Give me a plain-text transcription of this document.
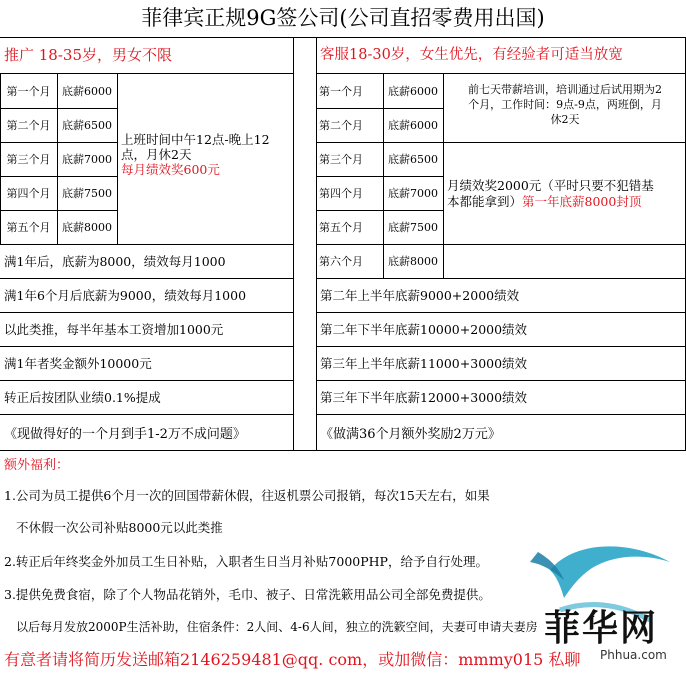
菲律宾正规9G签公司(公司直招零费用出国)
推广 18-35岁，男女不限
第一个月	底薪6000
第二个月	底薪6500
第三个月	底薪7000
第四个月	底薪7500
第五个月	底薪8000
上班时间中午12点-晚上12
点，月休2天
每月绩效奖600元
满1年后，底薪为8000，绩效每月1000
满1年6个月后底薪为9000，绩效每月1000
以此类推，每半年基本工资增加1000元
满1年者奖金额外10000元
转正后按团队业绩0.1%提成
《现做得好的一个月到手1-2万不成问题》
客服18-30岁，女生优先，有经验者可适当放宽
第一个月	底薪6000
第二个月	底薪6000
第三个月	底薪6500
第四个月	底薪7000
第五个月	底薪7500
第六个月	底薪8000
前七天带薪培训，培训通过后试用期为2
个月，工作时间：9点-9点，两班倒，月
休2天
月绩效奖2000元（平时只要不犯错基
本都能拿到）第一年底薪8000封顶
第二年上半年底薪9000+2000绩效
第二年下半年底薪10000+2000绩效
第三年上半年底薪11000+3000绩效
第三年下半年底薪12000+3000绩效
《做满36个月额外奖励2万元》
额外福利：
1.公司为员工提供6个月一次的回国带薪休假，往返机票公司报销，每次15天左右，如果
不休假一次公司补贴8000元以此类推
2.转正后年终奖金外加员工生日补贴，入职者生日当月补贴7000PHP，给予自行处理。
3.提供免费食宿，除了个人物品花销外，毛巾、被子、日常洗簌用品公司全部免费提供。
以后每月发放2000P生活补助，住宿条件：2人间、4-6人间，独立的洗簌空间，夫妻可申请夫妻房 菲华网
Phhua.com
有意者请将简历发送邮箱2146259481@qq. com，或加微信：mmmy015 私聊
